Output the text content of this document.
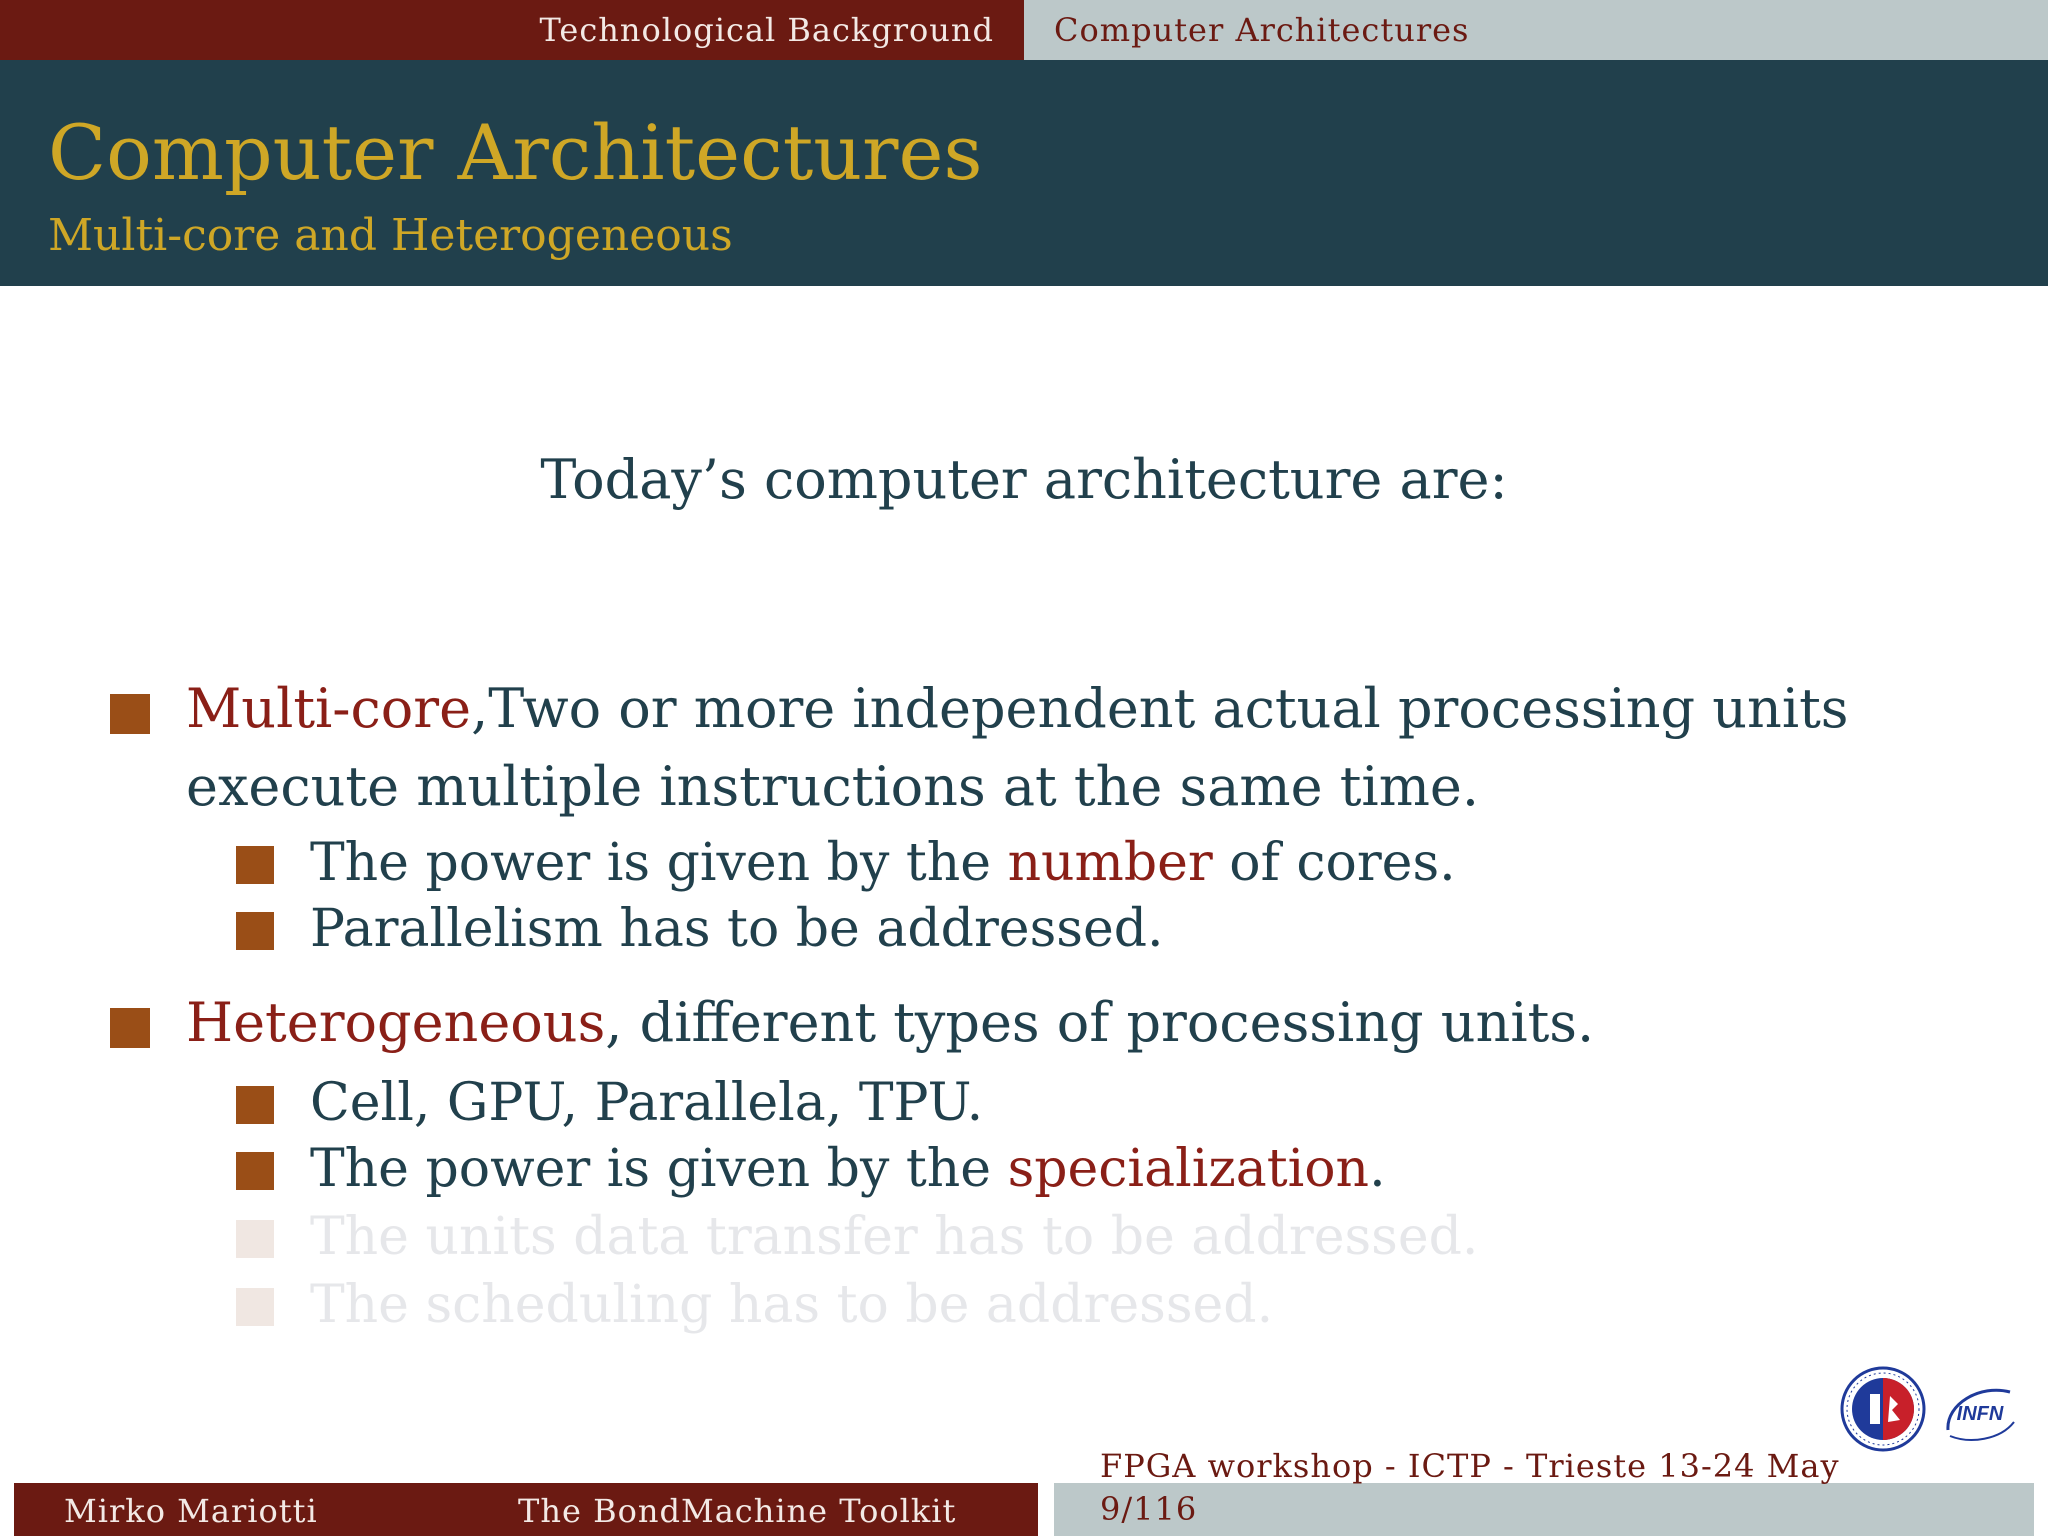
Technological Background Computer Architectures
Computer Architectures
Multi-core and Heterogeneous
Today’s computer architecture are:
Multi-core,Two or more independent actual processing units
execute multiple instructions at the same time.
The power is given by the number of cores.
Parallelism has to be addressed.
Heterogeneous, different types of processing units.
Cell, GPU, Parallela, TPU.
The power is given by the specialization.
The units data transfer has to be addressed.
The scheduling has to be addressed.
INFN
Mirko Mariotti	The BondMachine Toolkit
FPGA workshop - ICTP - Trieste 13-24 May
9/116
